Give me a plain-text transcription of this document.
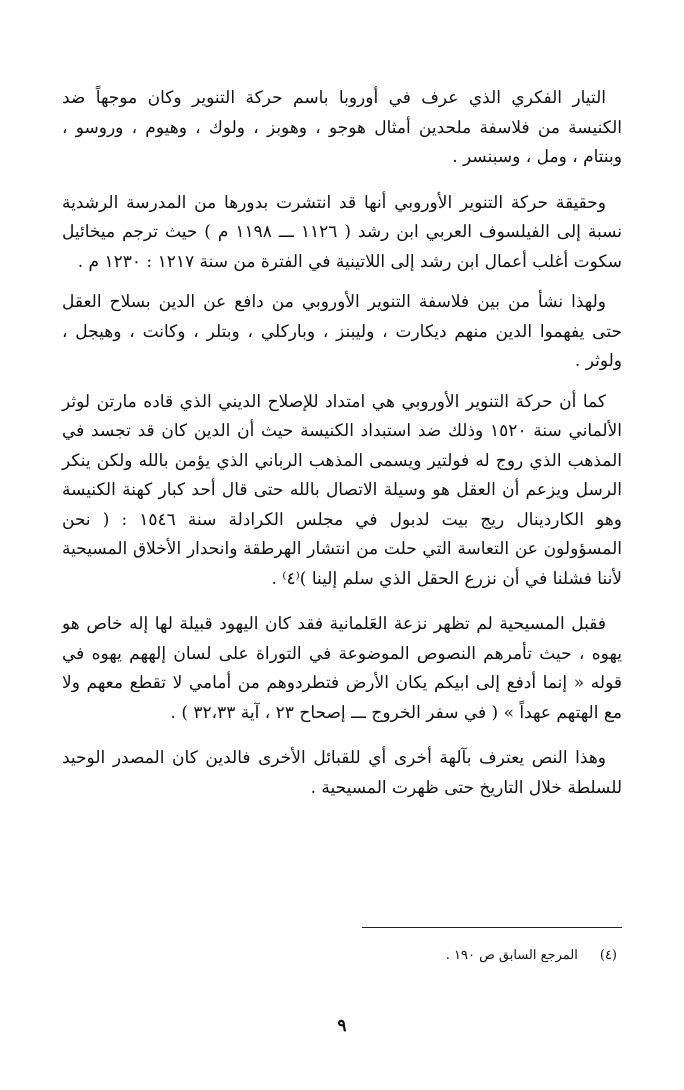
التيار الفكري الذي عرف في أوروبا باسم حركة التنوير وكان موجهاً ضد الكنيسة من فلاسفة ملحدين أمثال هوجو ، وهوبز ، ولوك ، وهيوم ، وروسو ، وبنتام ، ومل ، وسبنسر .

وحقيقة حركة التنوير الأوروبي أنها قد انتشرت بدورها من المدرسة الرشدية نسبة إلى الفيلسوف العربي ابن رشد ( ١١٢٦ ـــ ١١٩٨ م ) حيث ترجم ميخائيل سكوت أغلب أعمال ابن رشد إلى اللاتينية في الفترة من سنة ١٢١٧ : ١٢٣٠ م .

ولهذا نشأ من بين فلاسفة التنوير الأوروبي من دافع عن الدين بسلاح العقل حتى يفهموا الدين منهم ديكارت ، وليبنز ، وباركلي ، وبتلر ، وكانت ، وهيجل ، ولوثر .

كما أن حركة التنوير الأوروبي هي امتداد للإصلاح الديني الذي قاده مارتن لوثر الألماني سنة ١٥٢٠ وذلك ضد استبداد الكنيسة حيث أن الدين كان قد تجسد في المذهب الذي روج له فولتير ويسمى المذهب الرباني الذي يؤمن بالله ولكن ينكر الرسل ويزعم أن العقل هو وسيلة الاتصال بالله حتى قال أحد كبار كهنة الكنيسة وهو الكاردينال ريج بيت لدبول في مجلس الكرادلة سنة ١٥٤٦ : ( نحن المسؤولون عن التعاسة التي حلت من انتشار الهرطقة وانحدار الأخلاق المسيحية لأننا فشلنا في أن نزرع الحقل الذي سلم إلينا )⁽٤⁾ .

فقبل المسيحية لم تظهر نزعة العَلمانية فقد كان اليهود قبيلة لها إله خاص هو يهوه ، حيث تأمرهم النصوص الموضوعة في التوراة على لسان إلههم يهوه في قوله « إنما أدفع إلى ابيكم يكان الأرض فتطردوهم من أمامي لا تقطع معهم ولا مع الهتهم عهداً » ( في سفر الخروج ـــ إصحاح ٢٣ ، آية ٣٢،٣٣ ) .

وهذا النص يعترف بآلهة أخرى أي للقبائل الأخرى فالدين كان المصدر الوحيد للسلطة خلال التاريخ حتى ظهرت المسيحية .

(٤)المرجع السابق ص ١٩٠ .
٩
